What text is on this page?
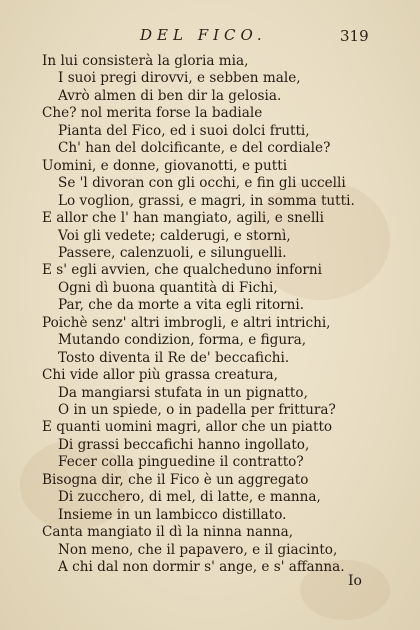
DEL FICO.	319
In lui consisterà la gloria mia,
I suoi pregi dirovvi, e sebben male,
Avrò almen di ben dir la gelosia.
Che? nol merita forse la badiale
Pianta del Fico, ed i suoi dolci frutti,
Ch' han del dolcificante, e del cordiale?
Uomini, e donne, giovanotti, e putti
Se 'l divoran con gli occhi, e fin gli uccelli
Lo voglion, grassi, e magri, in somma tutti.
E allor che l' han mangiato, agili, e snelli
Voi gli vedete; calderugi, e stornì,
Passere, calenzuoli, e silunguelli.
E s' egli avvien, che qualcheduno inforni
Ogni dì buona quantità di Fichi,
Par, che da morte a vita egli ritorni.
Poichè senz' altri imbrogli, e altri intrichi,
Mutando condizion, forma, e figura,
Tosto diventa il Re de' beccafichi.
Chi vide allor più grassa creatura,
Da mangiarsi stufata in un pignatto,
O in un spiede, o in padella per frittura?
E quanti uomini magri, allor che un piatto
Di grassi beccafichi hanno ingollato,
Fecer colla pinguedine il contratto?
Bisogna dir, che il Fico è un aggregato
Di zucchero, di mel, di latte, e manna,
Insieme in un lambicco distillato.
Canta mangiato il dì la ninna nanna,
Non meno, che il papavero, e il giacinto,
A chi dal non dormir s' ange, e s' affanna.
Io
